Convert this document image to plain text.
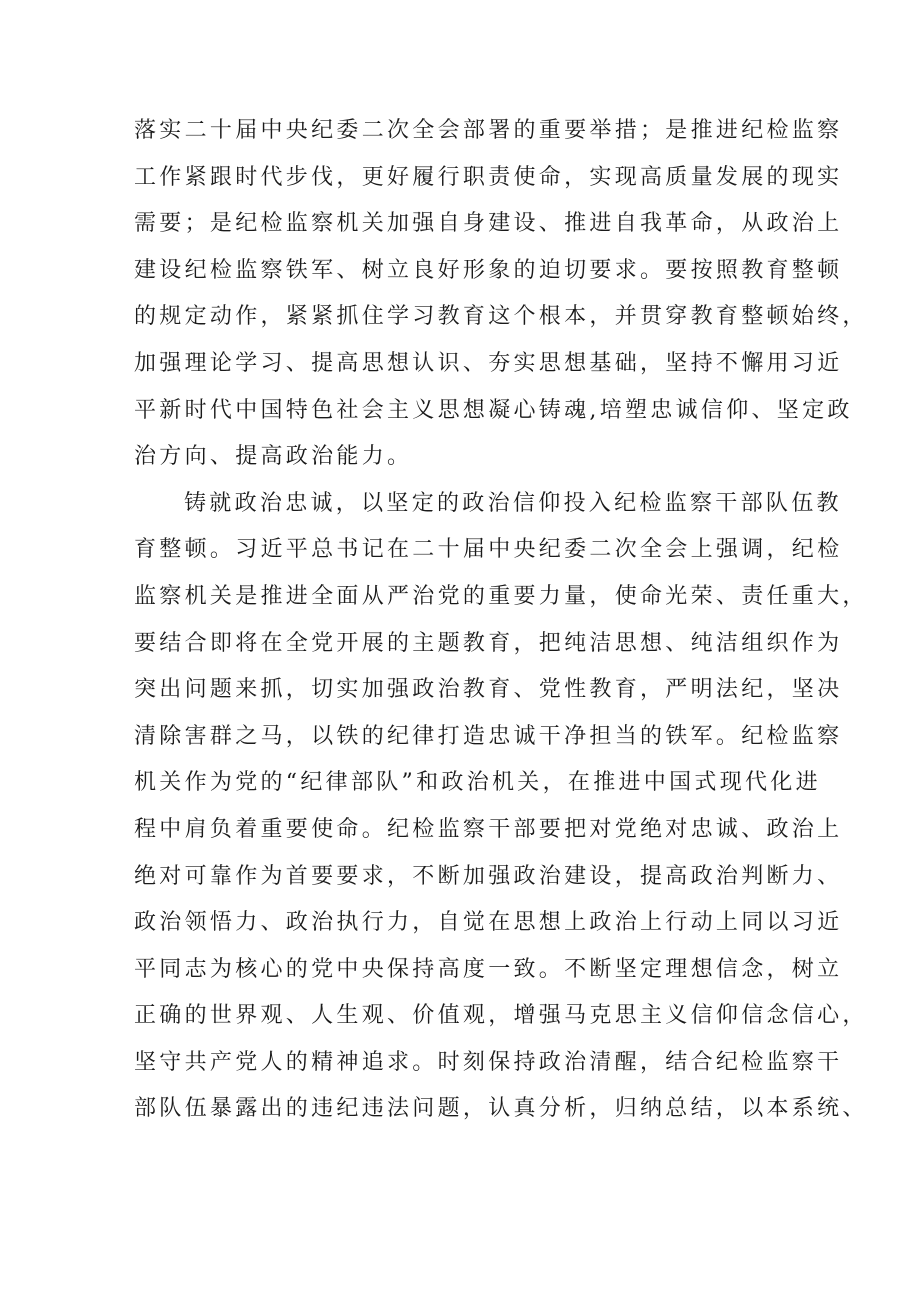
落实二十届中央纪委二次全会部署的重要举措；是推进纪检监察
工作紧跟时代步伐，更好履行职责使命，实现高质量发展的现实
需要；是纪检监察机关加强自身建设、推进自我革命，从政治上
建设纪检监察铁军、树立良好形象的迫切要求。要按照教育整顿
的规定动作，紧紧抓住学习教育这个根本，并贯穿教育整顿始终，
加强理论学习、提高思想认识、夯实思想基础，坚持不懈用习近
平新时代中国特色社会主义思想凝心铸魂,培塑忠诚信仰、坚定政
治方向、提高政治能力。
铸就政治忠诚，以坚定的政治信仰投入纪检监察干部队伍教
育整顿。习近平总书记在二十届中央纪委二次全会上强调，纪检
监察机关是推进全面从严治党的重要力量，使命光荣、责任重大，
要结合即将在全党开展的主题教育，把纯洁思想、纯洁组织作为
突出问题来抓，切实加强政治教育、党性教育，严明法纪，坚决
清除害群之马，以铁的纪律打造忠诚干净担当的铁军。纪检监察
机关作为党的“纪律部队”和政治机关，在推进中国式现代化进
程中肩负着重要使命。纪检监察干部要把对党绝对忠诚、政治上
绝对可靠作为首要要求，不断加强政治建设，提高政治判断力、
政治领悟力、政治执行力，自觉在思想上政治上行动上同以习近
平同志为核心的党中央保持高度一致。不断坚定理想信念，树立
正确的世界观、人生观、价值观，增强马克思主义信仰信念信心，
坚守共产党人的精神追求。时刻保持政治清醒，结合纪检监察干
部队伍暴露出的违纪违法问题，认真分析，归纳总结，以本系统、
